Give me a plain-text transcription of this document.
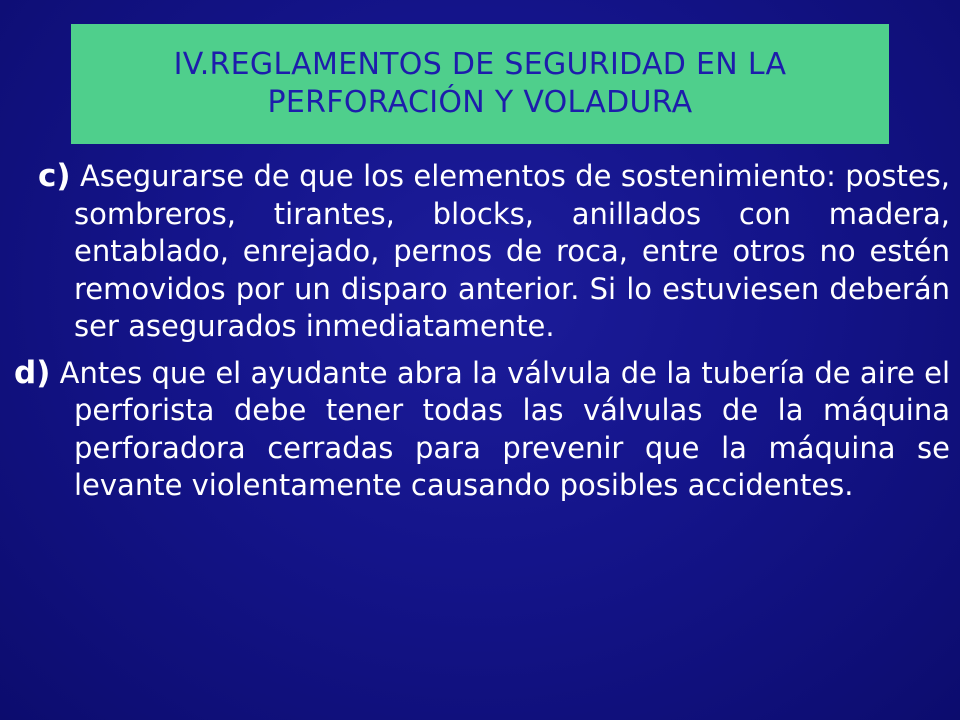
IV.REGLAMENTOS DE SEGURIDAD EN LA
PERFORACIÓN Y VOLADURA

c) Asegurarse de que los elementos de sostenimiento: postes, sombreros, tirantes, blocks, anillados con madera, entablado, enrejado, pernos de roca, entre otros no estén removidos por un disparo anterior. Si lo estuviesen deberán ser asegurados inmediatamente.

d) Antes que el ayudante abra la válvula de la tubería de aire el perforista debe tener todas las válvulas de la máquina perforadora cerradas para prevenir que la máquina se levante violentamente causando posibles accidentes.
